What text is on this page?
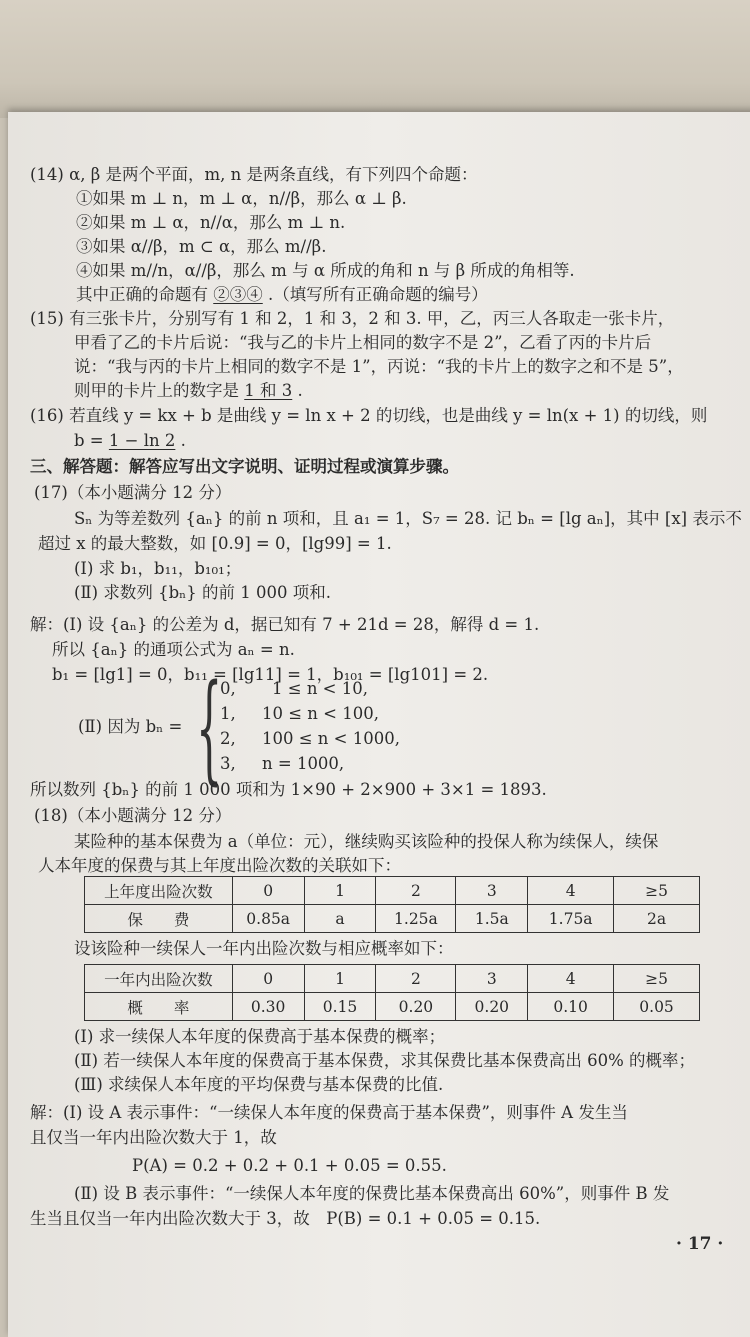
(14) α, β 是两个平面，m, n 是两条直线，有下列四个命题：
①如果 m ⊥ n，m ⊥ α，n//β，那么 α ⊥ β.
②如果 m ⊥ α，n//α，那么 m ⊥ n.
③如果 α//β，m ⊂ α，那么 m//β.
④如果 m//n，α//β，那么 m 与 α 所成的角和 n 与 β 所成的角相等.
其中正确的命题有 ②③④ .（填写所有正确命题的编号）
(15) 有三张卡片，分别写有 1 和 2，1 和 3，2 和 3. 甲，乙，丙三人各取走一张卡片，
甲看了乙的卡片后说：“我与乙的卡片上相同的数字不是 2”，乙看了丙的卡片后
说：“我与丙的卡片上相同的数字不是 1”，丙说：“我的卡片上的数字之和不是 5”，
则甲的卡片上的数字是 1 和 3 .
(16) 若直线 y = kx + b 是曲线 y = ln x + 2 的切线，也是曲线 y = ln(x + 1) 的切线，则
b = 1 − ln 2 .
三、解答题：解答应写出文字说明、证明过程或演算步骤。
(17)（本小题满分 12 分）
Sₙ 为等差数列 {aₙ} 的前 n 项和，且 a₁ = 1，S₇ = 28. 记 bₙ = [lg aₙ]，其中 [x] 表示不
超过 x 的最大整数，如 [0.9] = 0，[lg99] = 1.
(Ⅰ) 求 b₁，b₁₁，b₁₀₁；
(Ⅱ) 求数列 {bₙ} 的前 1 000 项和.
解：(Ⅰ) 设 {aₙ} 的公差为 d，据已知有 7 + 21d = 28，解得 d = 1.
所以 {aₙ} 的通项公式为 aₙ = n.
b₁ = [lg1] = 0，b₁₁ = [lg11] = 1，b₁₀₁ = [lg101] = 2.
(Ⅱ) 因为 bₙ = {
0, 1 ≤ n < 10,
1, 10 ≤ n < 100,
2, 100 ≤ n < 1000,
3, n = 1000,
所以数列 {bₙ} 的前 1 000 项和为 1×90 + 2×900 + 3×1 = 1893.
(18)（本小题满分 12 分）
某险种的基本保费为 a（单位：元），继续购买该险种的投保人称为续保人，续保
人本年度的保费与其上年度出险次数的关联如下：
上年度出险次数	0	1	2	3	4	≥5
保　　费	0.85a	a	1.25a	1.5a	1.75a	2a
设该险种一续保人一年内出险次数与相应概率如下：
一年内出险次数	0	1	2	3	4	≥5
概　　率	0.30	0.15	0.20	0.20	0.10	0.05
(Ⅰ) 求一续保人本年度的保费高于基本保费的概率；
(Ⅱ) 若一续保人本年度的保费高于基本保费，求其保费比基本保费高出 60% 的概率；
(Ⅲ) 求续保人本年度的平均保费与基本保费的比值.
解：(Ⅰ) 设 A 表示事件：“一续保人本年度的保费高于基本保费”，则事件 A 发生当
且仅当一年内出险次数大于 1，故
P(A) = 0.2 + 0.2 + 0.1 + 0.05 = 0.55.
(Ⅱ) 设 B 表示事件：“一续保人本年度的保费比基本保费高出 60%”，则事件 B 发
生当且仅当一年内出险次数大于 3，故　P(B) = 0.1 + 0.05 = 0.15.
· 17 ·
